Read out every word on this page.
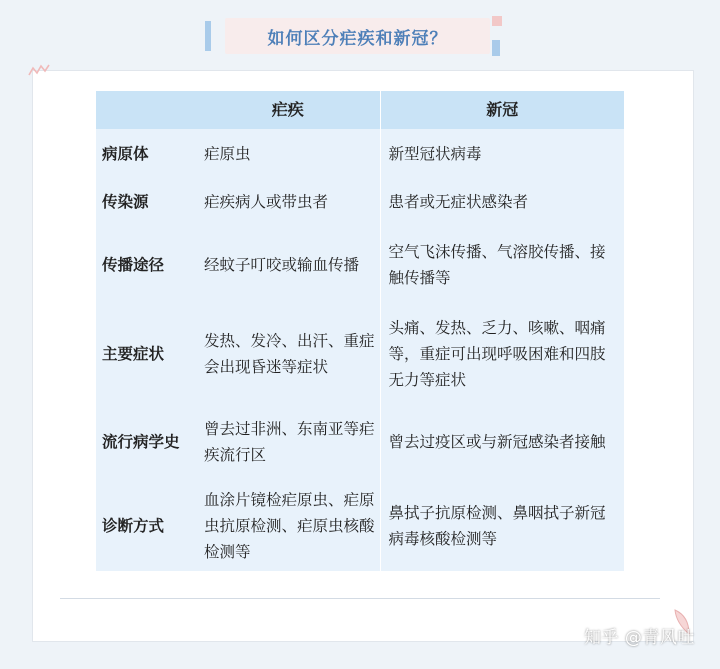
如何区分疟疾和新冠？
	疟疾	新冠
病原体	疟原虫	新型冠状病毒
传染源	疟疾病人或带虫者	患者或无症状感染者
传播途径	经蚊子叮咬或输血传播	空气飞沫传播、气溶胶传播、接触传播等
主要症状	发热、发冷、出汗、重症会出现昏迷等症状	头痛、发热、乏力、咳嗽、咽痛等，重症可出现呼吸困难和四肢无力等症状
流行病学史	曾去过非洲、东南亚等疟疾流行区	曾去过疫区或与新冠感染者接触
诊断方式	血涂片镜检疟原虫、疟原虫抗原检测、疟原虫核酸检测等	鼻拭子抗原检测、鼻咽拭子新冠病毒核酸检测等
知乎 @青风吐
